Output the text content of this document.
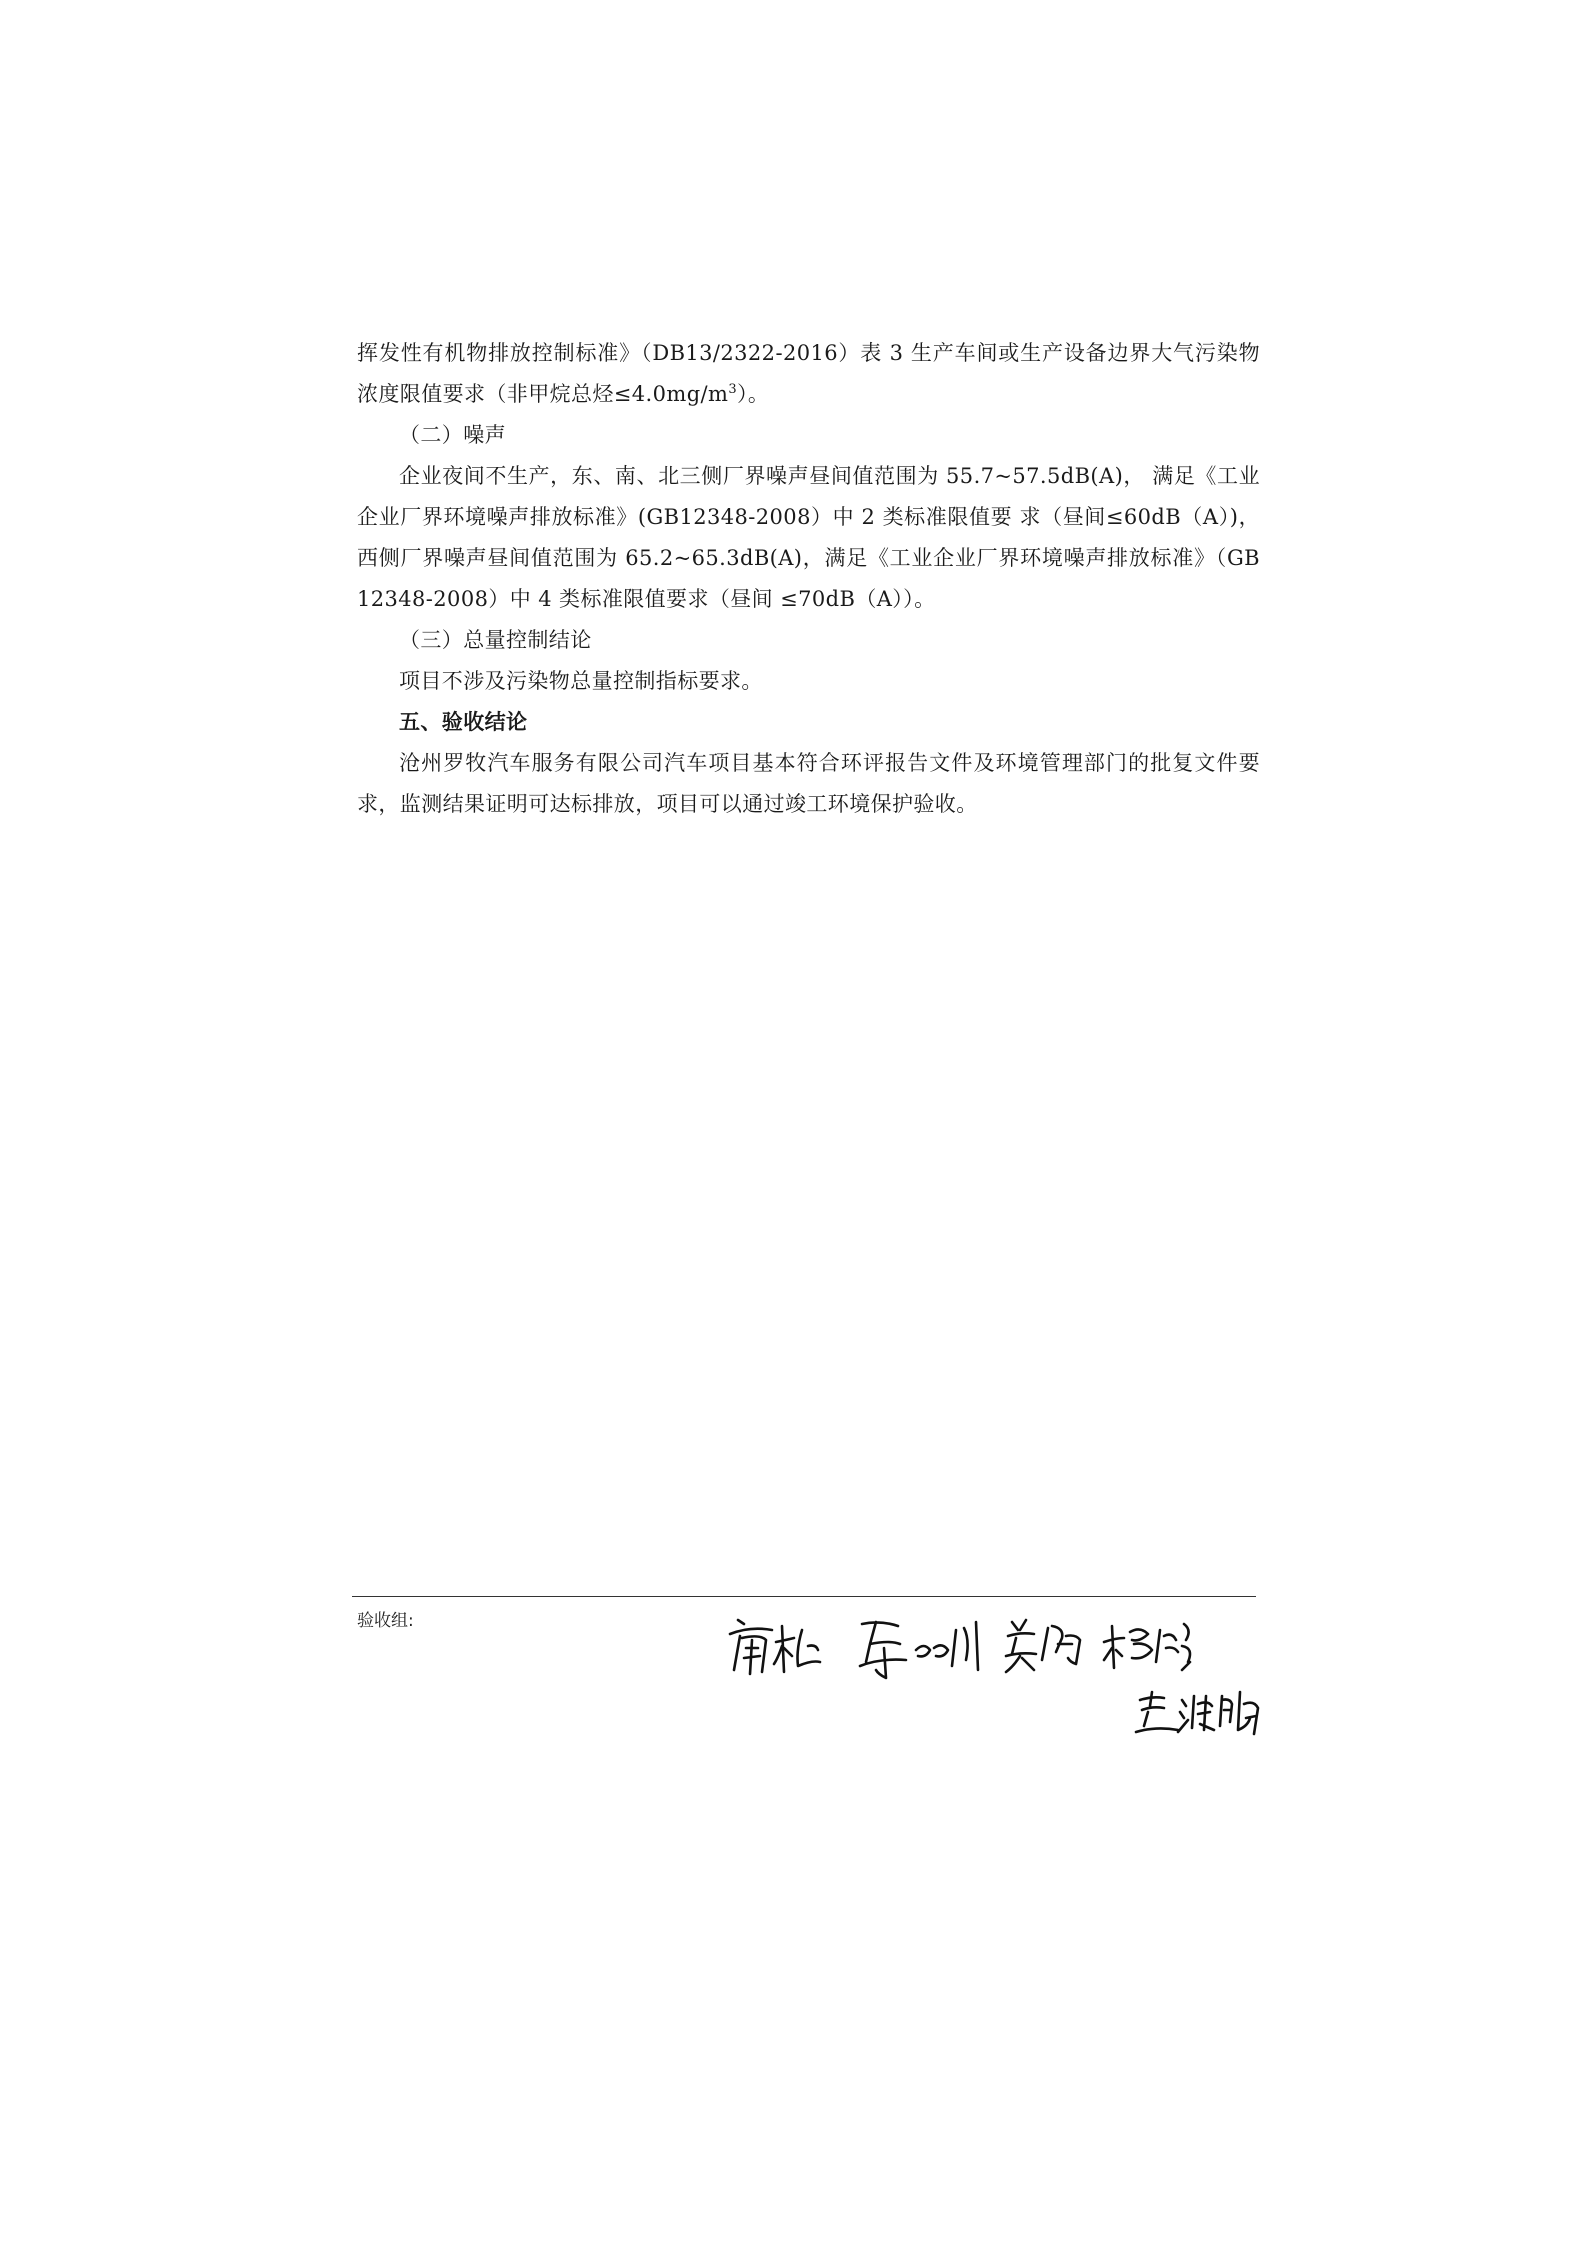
挥发性有机物排放控制标准》（DB13/2322-2016）表 3 生产车间或生产设备边界大气污染物浓度限值要求（非甲烷总烃$\le 4.0mg/m^3$）。

（二）噪声

企业夜间不生产，东、南、北三侧厂界噪声昼间值范围为 55.7~57.5dB(A)， 满足《工业企业厂界环境噪声排放标准》(GB12348-2008）中 2 类标准限值要 求（昼间≤60dB（A）)，西侧厂界噪声昼间值范围为 65.2~65.3dB(A)，满足《工业企业厂界环境噪声排放标准》（GB 12348-2008）中 4 类标准限值要求（昼间 ≤70dB（A））。

（三）总量控制结论

项目不涉及污染物总量控制指标要求。

五、验收结论

沧州罗牧汽车服务有限公司汽车项目基本符合环评报告文件及环境管理部门的批复文件要求，监测结果证明可达标排放，项目可以通过竣工环境保护验收。

验收组:
